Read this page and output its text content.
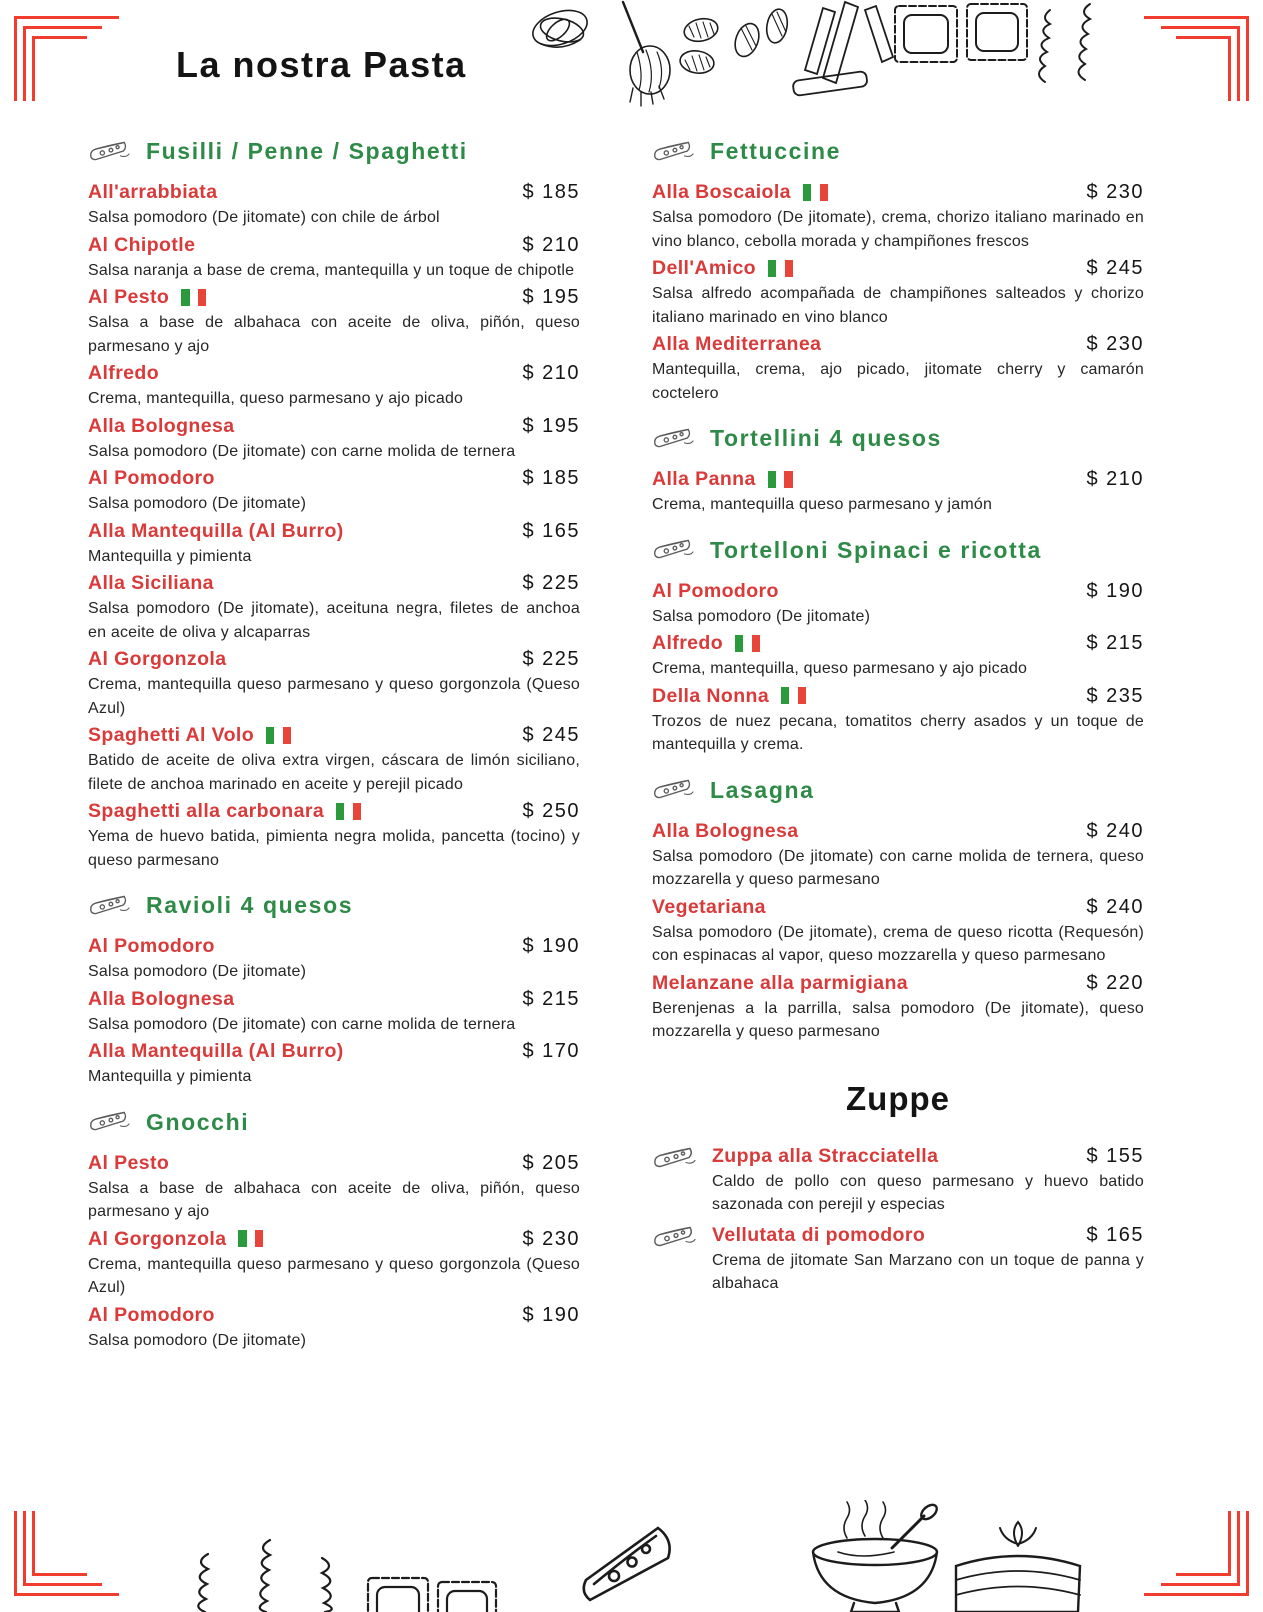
La nostra Pasta
Fusilli / Penne / Spaghetti
All'arrabbiata	$ 185

Salsa pomodoro (De jitomate) con chile de árbol

Al Chipotle	$ 210

Salsa naranja a base de crema, mantequilla y un toque de chipotle

Al Pesto	$ 195

Salsa a base de albahaca con aceite de oliva, piñón, queso parmesano y ajo

Alfredo	$ 210

Crema, mantequilla, queso parmesano y ajo picado

Alla Bolognesa	$ 195

Salsa pomodoro (De jitomate) con carne molida de ternera

Al Pomodoro	$ 185

Salsa pomodoro (De jitomate)

Alla Mantequilla (Al Burro)	$ 165

Mantequilla y pimienta

Alla Siciliana	$ 225

Salsa pomodoro (De jitomate), aceituna negra, filetes de anchoa en aceite de oliva y alcaparras

Al Gorgonzola	$ 225

Crema, mantequilla queso parmesano y queso gorgonzola (Queso Azul)

Spaghetti Al Volo	$ 245

Batido de aceite de oliva extra virgen, cáscara de limón siciliano, filete de anchoa marinado en aceite y perejil picado

Spaghetti alla carbonara	$ 250

Yema de huevo batida, pimienta negra molida, pancetta (tocino) y queso parmesano

Ravioli 4 quesos
Al Pomodoro	$ 190

Salsa pomodoro (De jitomate)

Alla Bolognesa	$ 215

Salsa pomodoro (De jitomate) con carne molida de ternera

Alla Mantequilla (Al Burro)	$ 170

Mantequilla y pimienta

Gnocchi
Al Pesto	$ 205

Salsa a base de albahaca con aceite de oliva, piñón, queso parmesano y ajo

Al Gorgonzola	$ 230

Crema, mantequilla queso parmesano y queso gorgonzola (Queso Azul)

Al Pomodoro	$ 190

Salsa pomodoro (De jitomate)

Fettuccine
Alla Boscaiola	$ 230

Salsa pomodoro (De jitomate), crema, chorizo italiano marinado en vino blanco, cebolla morada y champiñones frescos

Dell'Amico	$ 245

Salsa alfredo acompañada de champiñones salteados y chorizo italiano marinado en vino blanco

Alla Mediterranea	$ 230

Mantequilla, crema, ajo picado, jitomate cherry y camarón coctelero

Tortellini 4 quesos
Alla Panna	$ 210

Crema, mantequilla queso parmesano y jamón

Tortelloni Spinaci e ricotta
Al Pomodoro	$ 190

Salsa pomodoro (De jitomate)

Alfredo	$ 215

Crema, mantequilla, queso parmesano y ajo picado

Della Nonna	$ 235

Trozos de nuez pecana, tomatitos cherry asados y un toque de mantequilla y crema.

Lasagna
Alla Bolognesa	$ 240

Salsa pomodoro (De jitomate) con carne molida de ternera, queso mozzarella y queso parmesano

Vegetariana	$ 240

Salsa pomodoro (De jitomate), crema de queso ricotta (Requesón) con espinacas al vapor, queso mozzarella y queso parmesano

Melanzane alla parmigiana	$ 220

Berenjenas a la parrilla, salsa pomodoro (De jitomate), queso mozzarella y queso parmesano

Zuppe
Zuppa alla Stracciatella	$ 155

Caldo de pollo con queso parmesano y huevo batido sazonada con perejil y especias

Vellutata di pomodoro	$ 165

Crema de jitomate San Marzano con un toque de panna y albahaca
